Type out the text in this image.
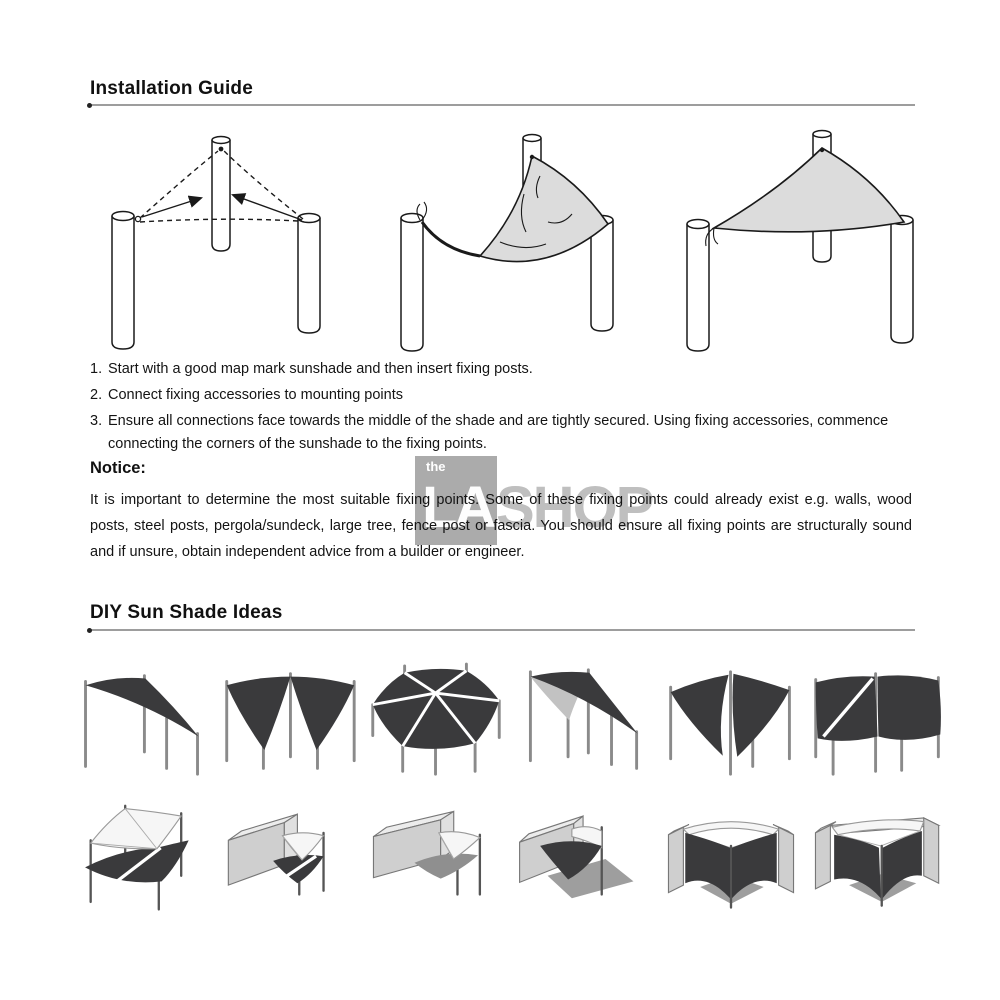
Installation Guide
1. Start with a good map mark sunshade and then insert fixing posts.
2. Connect fixing accessories to mounting points
3. Ensure all connections face towards the middle of the shade and are tightly secured. Using fixing accessories, commence connecting the corners of the sunshade to the fixing points.
the
LA SHOP
Notice:
It is important to determine the most suitable fixing points. Some of these fixing points could already exist e.g. walls, wood posts, steel posts, pergola/sundeck, large tree, fence post or fascia. You should ensure all fixing points are structurally sound and if unsure, obtain independent advice from a builder or engineer.
DIY Sun Shade Ideas
